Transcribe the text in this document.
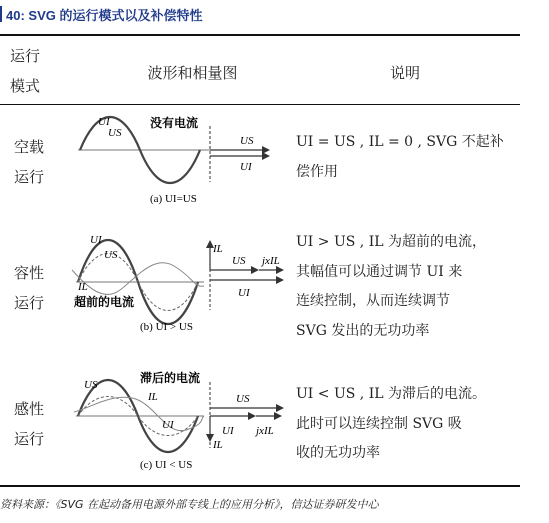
40: SVG 的运行模式以及补偿特性
运行
模式
波形和相量图	说明
空载
运行
UI
US
没有电流
US
UI
(a) UI=US
UI = US , IL = 0 , SVG 不起补
偿作用
容性
运行
UI
US
IL
超前的电流
IL
US jxIL
UI
(b) UI > US
UI > US , IL 为超前的电流，
其幅值可以通过调节 UI 来
连续控制，从而连续调节
SVG 发出的无功功率
感性
运行
US
IL
UI
滞后的电流
US
UI jxIL
IL
(c) UI < US
UI < US , IL 为滞后的电流。
此时可以连续控制 SVG 吸
收的无功功率
资料来源：《SVG 在起动备用电源外部专线上的应用分析》，信达证券研发中心
